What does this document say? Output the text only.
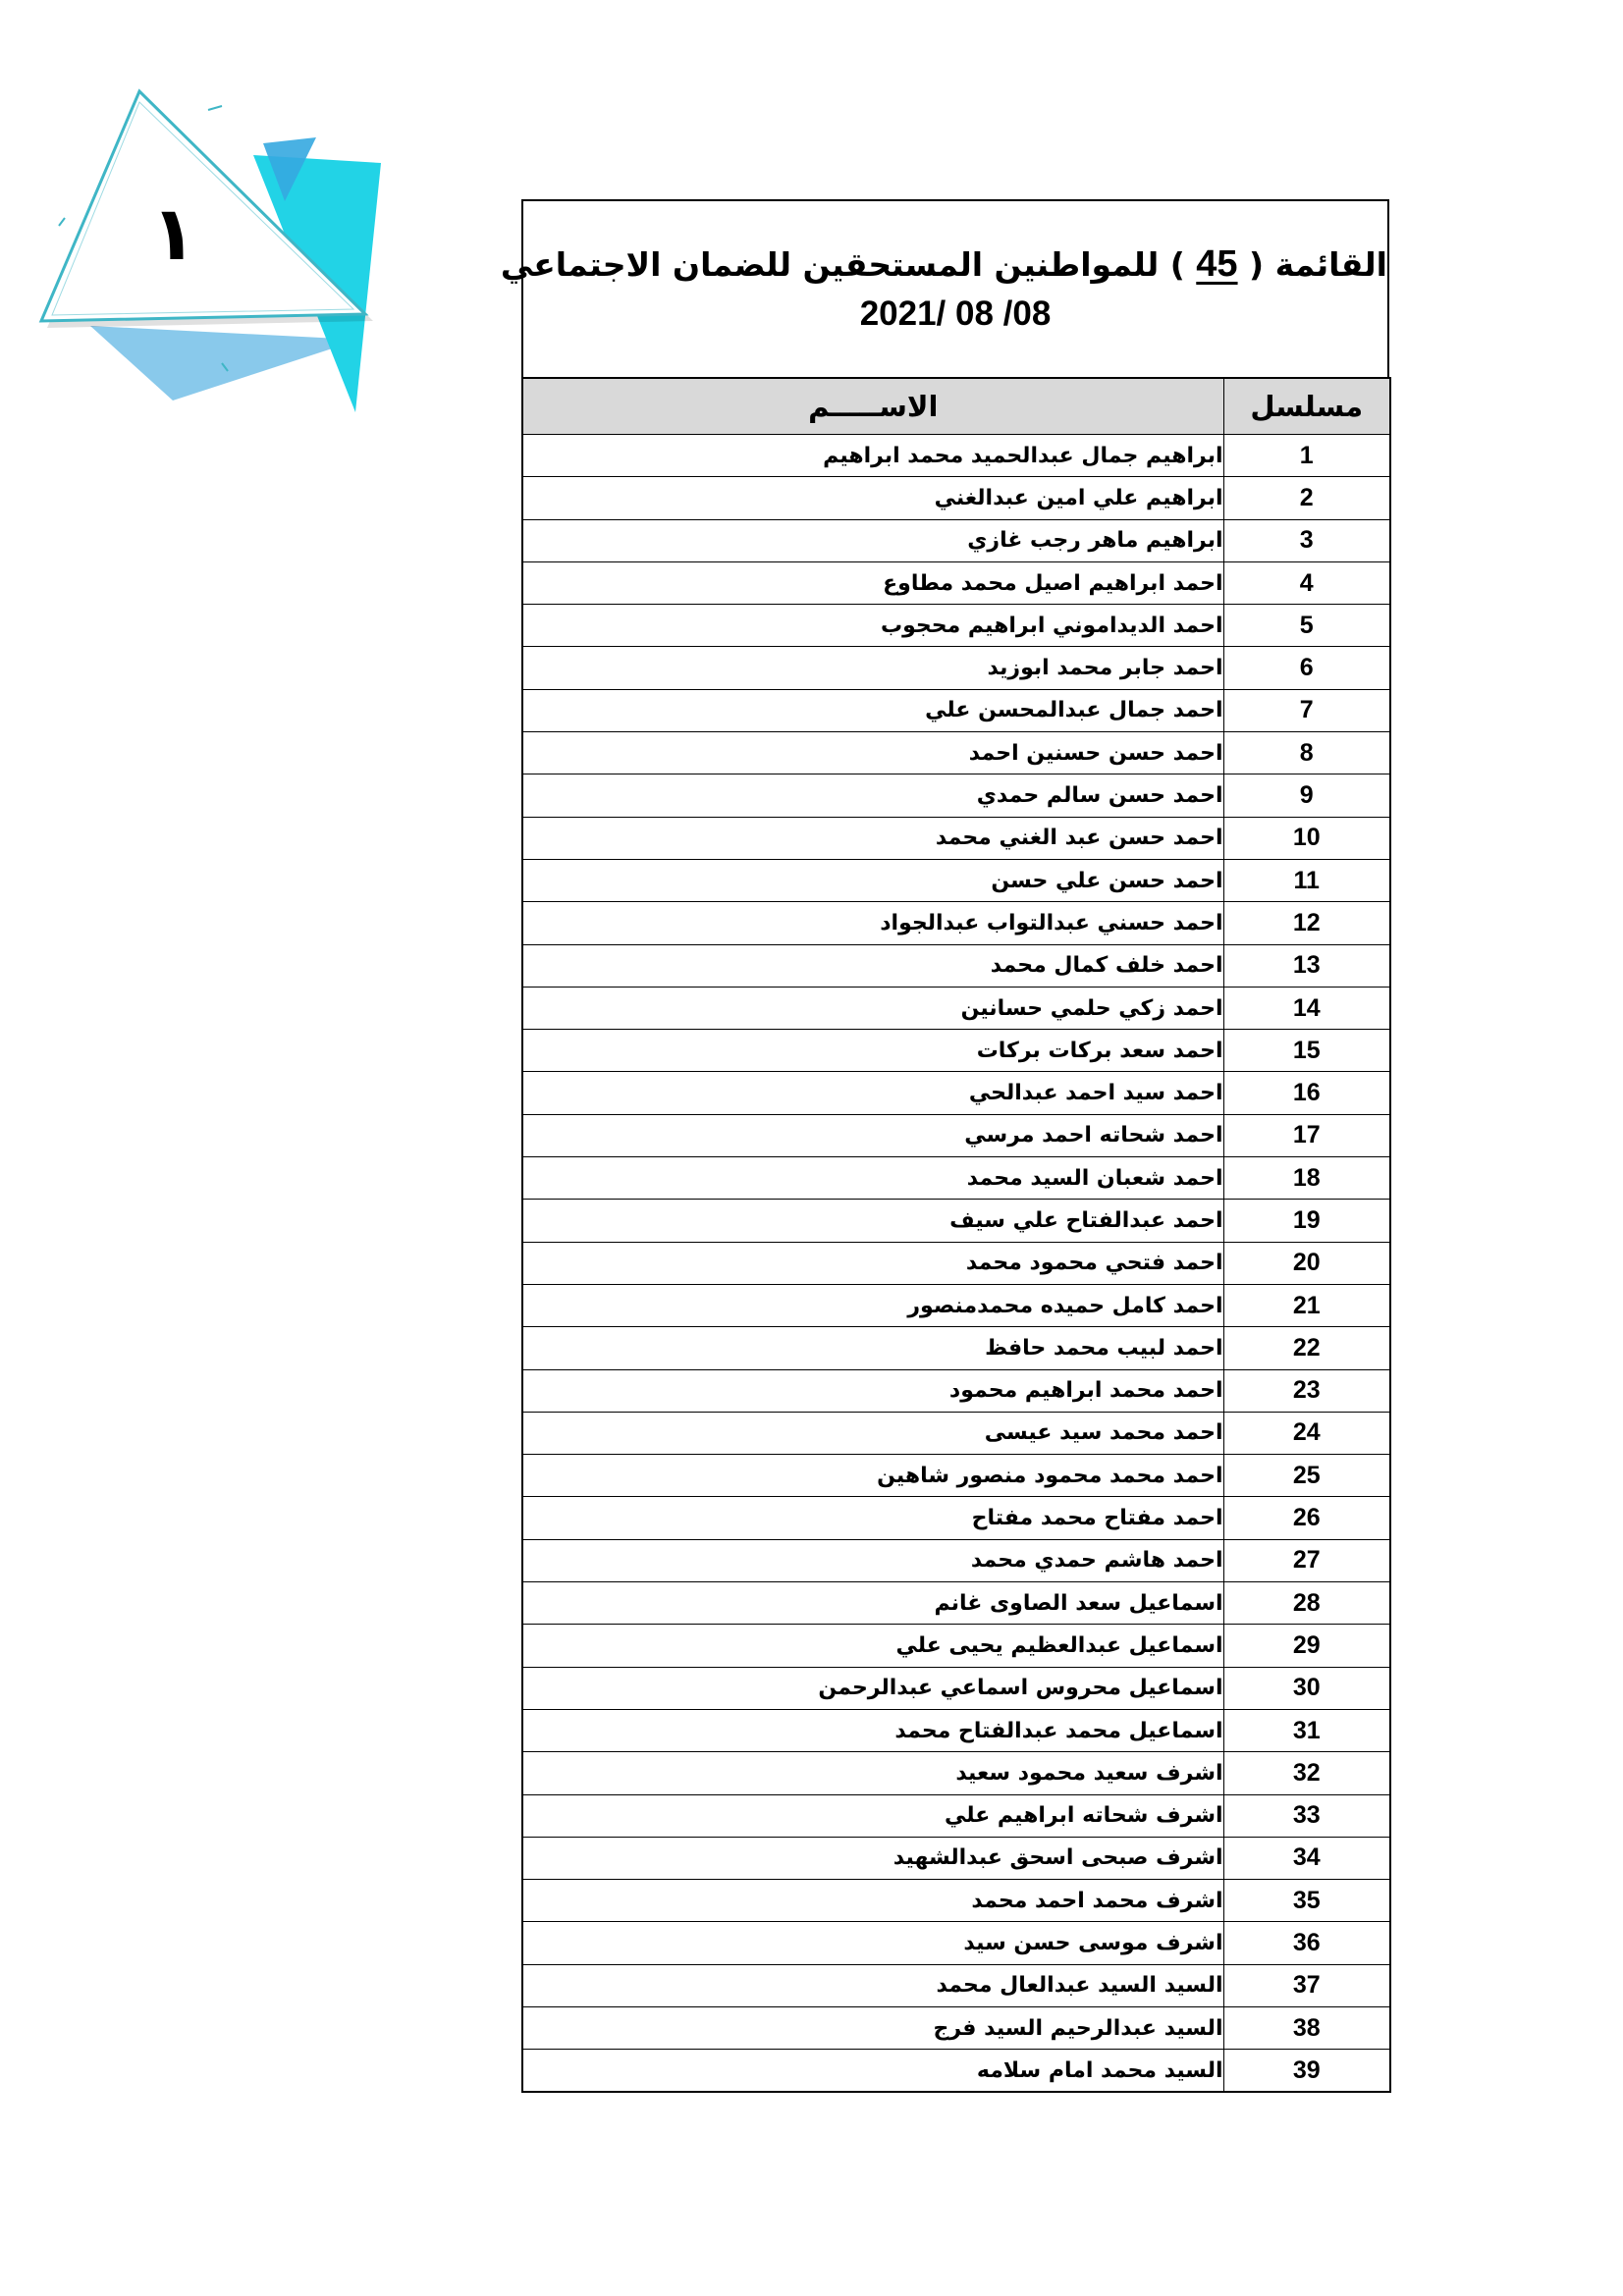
١	القائمة ( 45 ) للمواطنين المستحقين للضمان الاجتماعي
2021/ 08 /08
مسلسل	الاســـــم
1	ابراهيم جمال عبدالحميد محمد ابراهيم
2	ابراهيم علي امين عبدالغني
3	ابراهيم ماهر رجب غازي
4	احمد ابراهيم اصيل محمد مطاوع
5	احمد الديداموني ابراهيم محجوب
6	احمد جابر محمد ابوزيد
7	احمد جمال عبدالمحسن علي
8	احمد حسن حسنين احمد
9	احمد حسن سالم حمدي
10	احمد حسن عبد الغني محمد
11	احمد حسن علي حسن
12	احمد حسني عبدالتواب عبدالجواد
13	احمد خلف كمال محمد
14	احمد زكي حلمي حسانين
15	احمد سعد بركات بركات
16	احمد سيد احمد عبدالحي
17	احمد شحاته احمد مرسي
18	احمد شعبان السيد محمد
19	احمد عبدالفتاح علي سيف
20	احمد فتحي محمود محمد
21	احمد كامل حميده محمدمنصور
22	احمد لبيب محمد حافظ
23	احمد محمد ابراهيم محمود
24	احمد محمد سيد عيسى
25	احمد محمد محمود منصور شاهين
26	احمد مفتاح محمد مفتاح
27	احمد هاشم حمدي محمد
28	اسماعيل سعد الصاوى غانم
29	اسماعيل عبدالعظيم يحيى علي
30	اسماعيل محروس اسماعي عبدالرحمن
31	اسماعيل محمد عبدالفتاح محمد
32	اشرف سعيد محمود سعيد
33	اشرف شحاته ابراهيم علي
34	اشرف صبحى اسحق عبدالشهيد
35	اشرف محمد احمد محمد
36	اشرف موسى حسن سيد
37	السيد السيد عبدالعال محمد
38	السيد عبدالرحيم السيد فرج
39	السيد محمد امام سلامه
